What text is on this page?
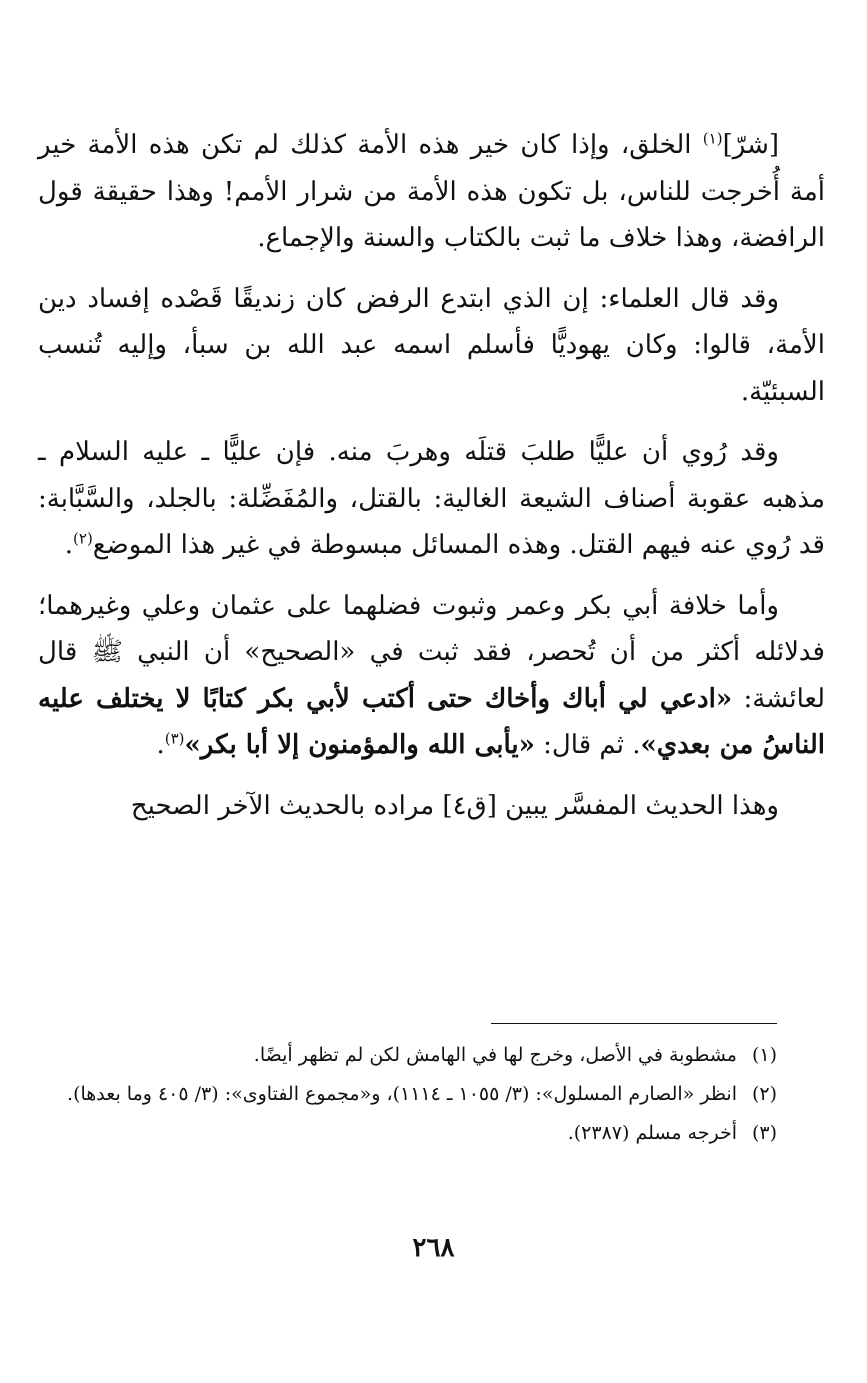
[شرّ]$^{(١)}$ الخلق، وإذا كان خير هذه الأمة كذلك لم تكن هذه الأمة خير أمة أُخرجت للناس، بل تكون هذه الأمة من شرار الأمم! وهذا حقيقة قول الرافضة، وهذا خلاف ما ثبت بالكتاب والسنة والإجماع.

وقد قال العلماء: إن الذي ابتدع الرفض كان زنديقًا قَصْده إفساد دين الأمة، قالوا: وكان يهوديًّا فأسلم اسمه عبد الله بن سبأ، وإليه تُنسب السبئيّة.

وقد رُوي أن عليًّا طلبَ قتلَه وهربَ منه. فإن عليًّا ـ عليه السلام ـ مذهبه عقوبة أصناف الشيعة الغالية: بالقتل، والمُفَضِّلة: بالجلد، والسَّبَّابة: قد رُوي عنه فيهم القتل. وهذه المسائل مبسوطة في غير هذا الموضع$^{(٢)}$.

وأما خلافة أبي بكر وعمر وثبوت فضلهما على عثمان وعلي وغيرهما؛ فدلائله أكثر من أن تُحصر، فقد ثبت في «الصحيح» أن النبي ﷺ قال لعائشة: «ادعي لي أباك وأخاك حتى أكتب لأبي بكر كتابًا لا يختلف عليه الناسُ من بعدي». ثم قال: «يأبى الله والمؤمنون إلا أبا بكر»$^{(٣)}$.

وهذا الحديث المفسَّر يبين [ق٤] مراده بالحديث الآخر الصحيح

(١)
مشطوبة في الأصل، وخرج لها في الهامش لكن لم تظهر أيضًا.
(٢)
انظر «الصارم المسلول»: (٣/ ١٠٥٥ ـ ١١١٤)، و«مجموع الفتاوى»: (٣/ ٤٠٥ وما بعدها).
(٣)
أخرجه مسلم (٢٣٨٧).
٢٦٨
